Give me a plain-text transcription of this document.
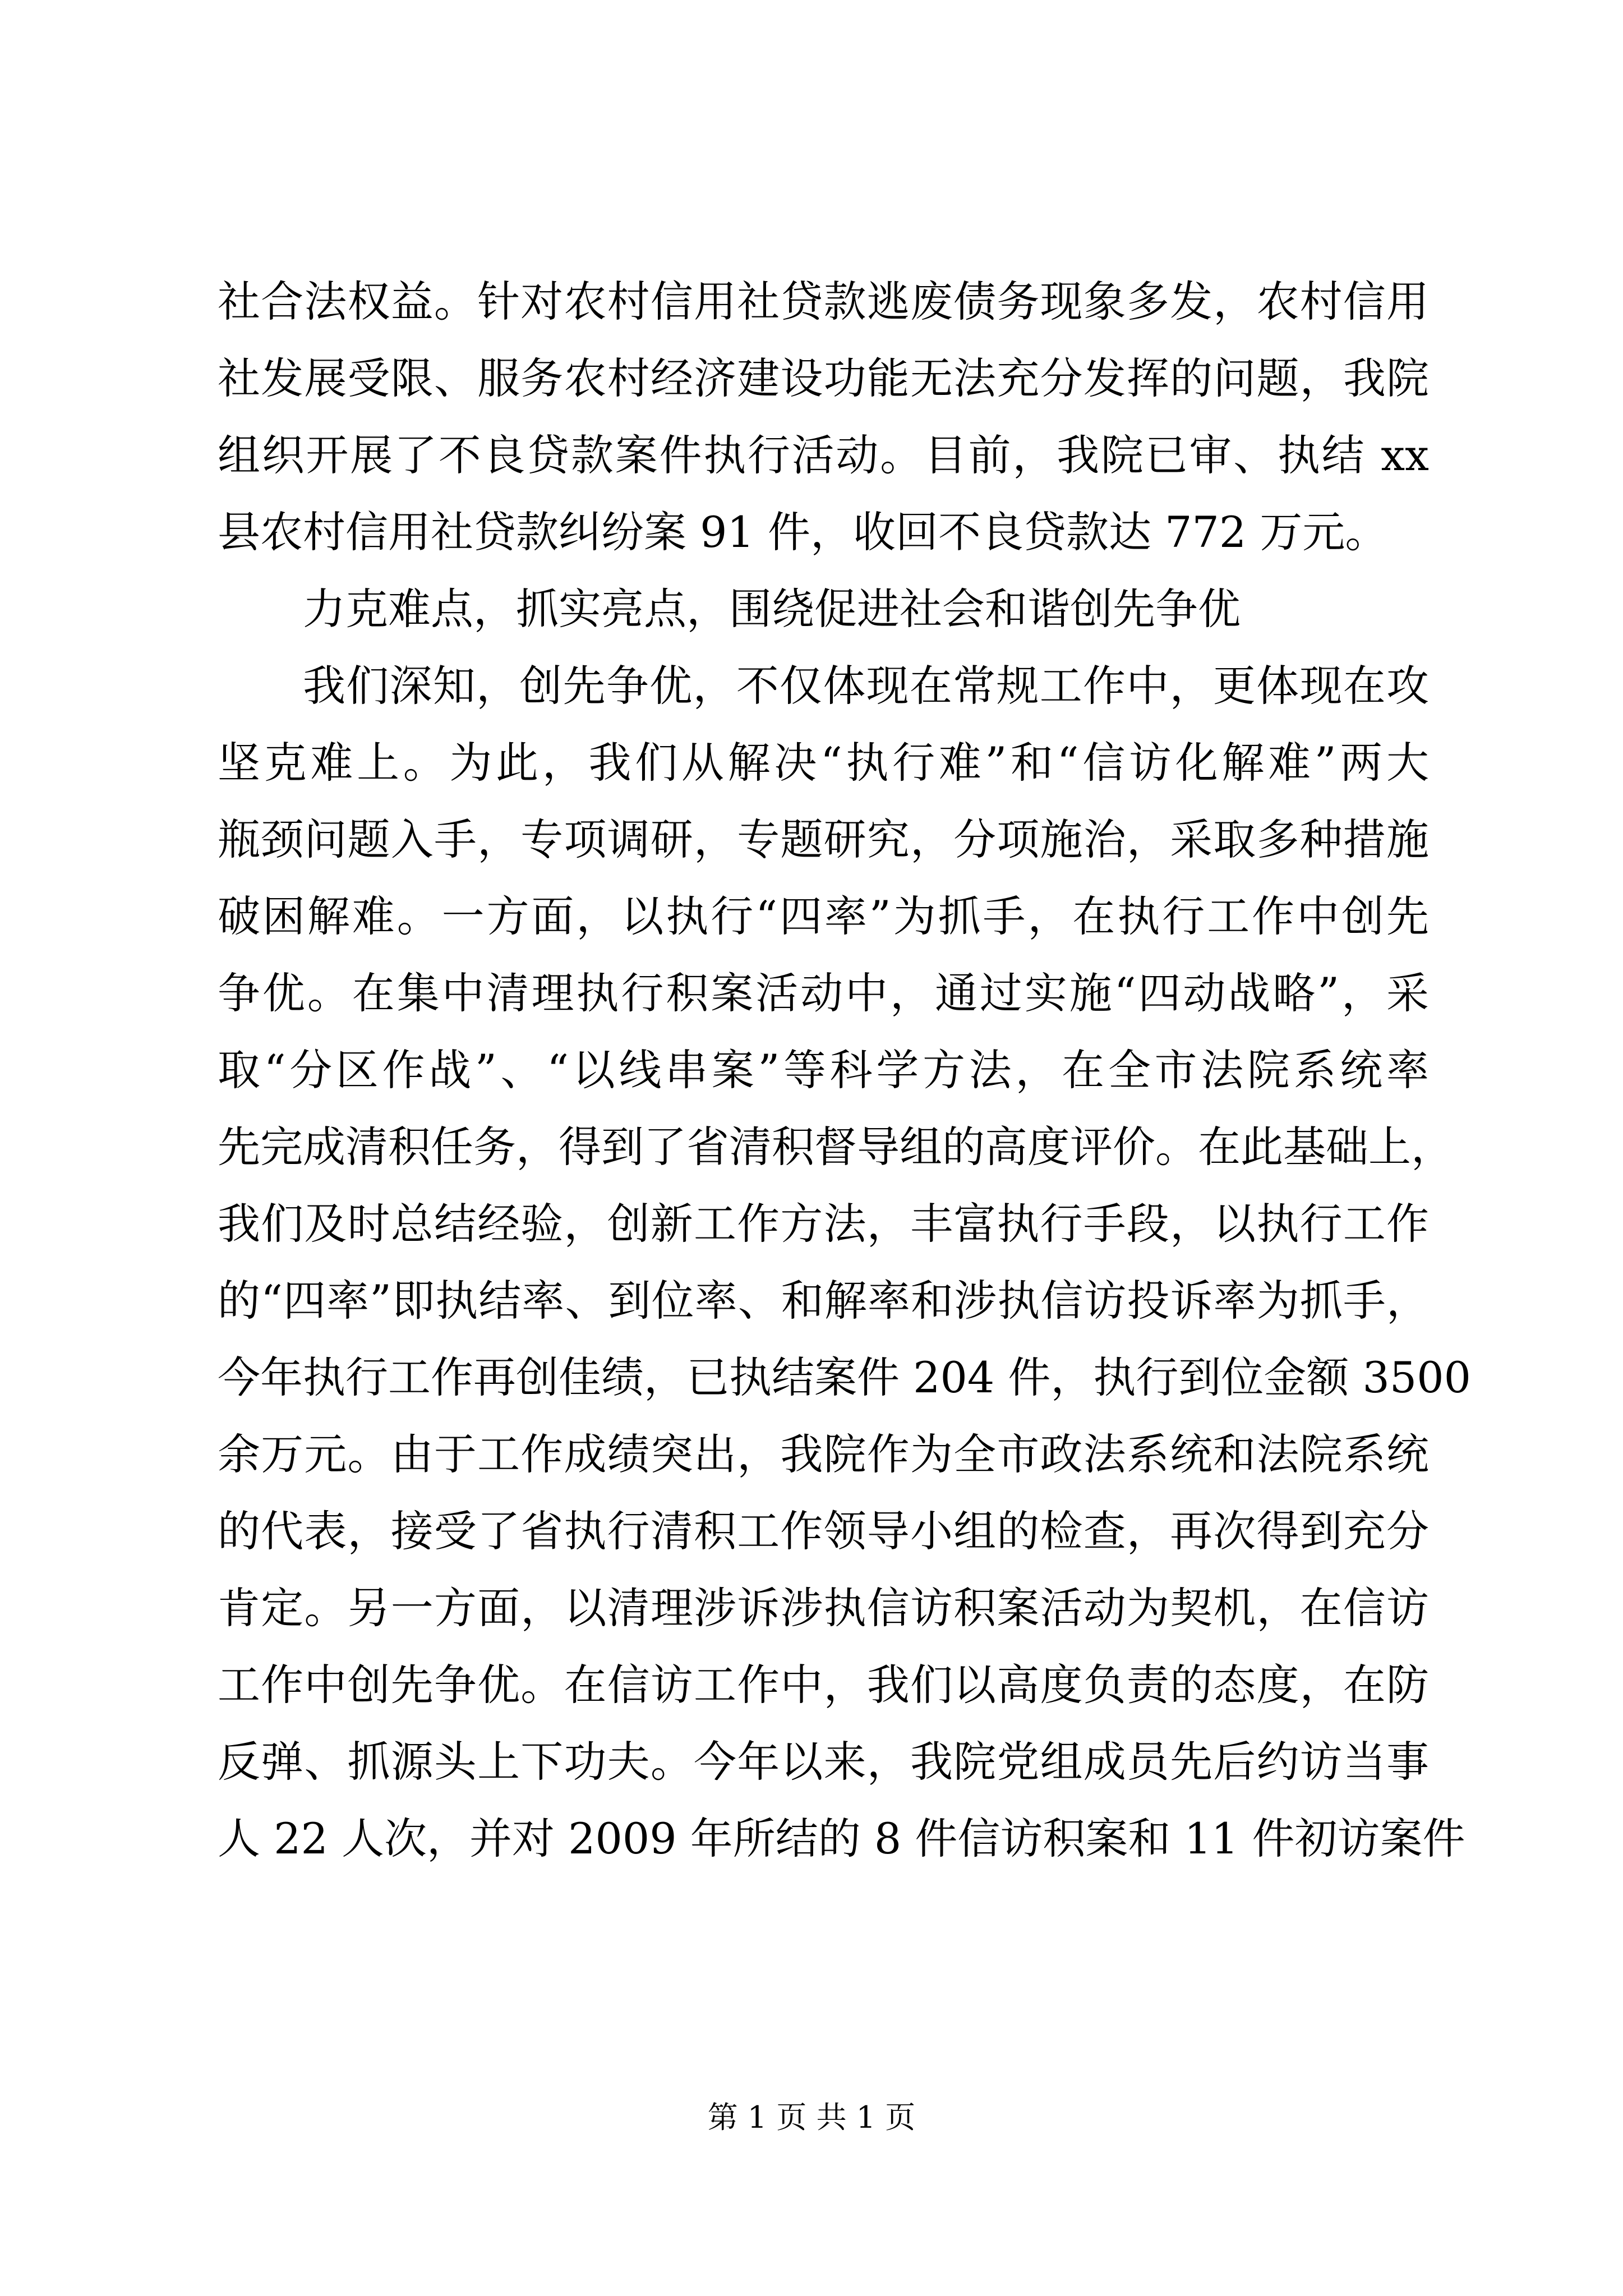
社合法权益。针对农村信用社贷款逃废债务现象多发，农村信用
社发展受限、服务农村经济建设功能无法充分发挥的问题，我院
组织开展了不良贷款案件执行活动。目前，我院已审、执结 xx
县农村信用社贷款纠纷案 91 件，收回不良贷款达 772 万元。
力克难点，抓实亮点，围绕促进社会和谐创先争优
我们深知，创先争优，不仅体现在常规工作中，更体现在攻
坚克难上。为此，我们从解决“执行难”和“信访化解难”两大
瓶颈问题入手，专项调研，专题研究，分项施治，采取多种措施
破困解难。一方面，以执行“四率”为抓手，在执行工作中创先
争优。在集中清理执行积案活动中，通过实施“四动战略”，采
取“分区作战”、“以线串案”等科学方法，在全市法院系统率
先完成清积任务，得到了省清积督导组的高度评价。在此基础上，
我们及时总结经验，创新工作方法，丰富执行手段，以执行工作
的“四率”即执结率、到位率、和解率和涉执信访投诉率为抓手，
今年执行工作再创佳绩，已执结案件 204 件，执行到位金额 3500
余万元。由于工作成绩突出，我院作为全市政法系统和法院系统
的代表，接受了省执行清积工作领导小组的检查，再次得到充分
肯定。另一方面，以清理涉诉涉执信访积案活动为契机，在信访
工作中创先争优。在信访工作中，我们以高度负责的态度，在防
反弹、抓源头上下功夫。今年以来，我院党组成员先后约访当事
人 22 人次，并对 2009 年所结的 8 件信访积案和 11 件初访案件
第 1 页 共 1 页
